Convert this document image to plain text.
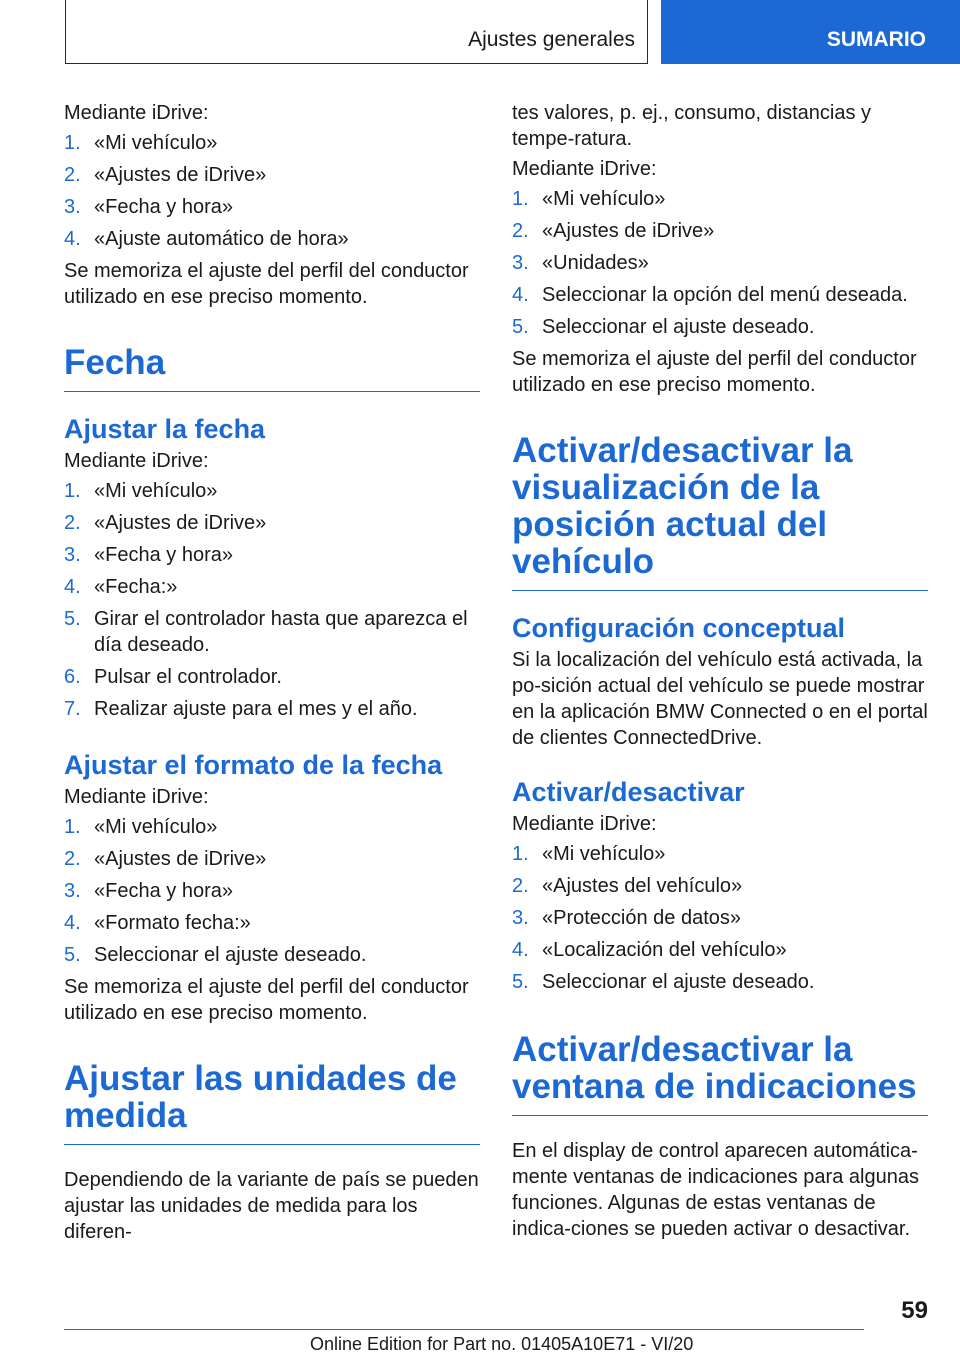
Ajustes generales	SUMARIO

Mediante iDrive:

1. «Mi vehículo»
2. «Ajustes de iDrive»
3. «Fecha y hora»
4. «Ajuste automático de hora»

Se memoriza el ajuste del perfil del conductor utilizado en ese preciso momento.

Fecha
Ajustar la fecha

Mediante iDrive:

1. «Mi vehículo»
2. «Ajustes de iDrive»
3. «Fecha y hora»
4. «Fecha:»
5. Girar el controlador hasta que aparezca el día deseado.
6. Pulsar el controlador.
7. Realizar ajuste para el mes y el año.
Ajustar el formato de la fecha

Mediante iDrive:

1. «Mi vehículo»
2. «Ajustes de iDrive»
3. «Fecha y hora»
4. «Formato fecha:»
5. Seleccionar el ajuste deseado.

Se memoriza el ajuste del perfil del conductor utilizado en ese preciso momento.

Ajustar las unidades de medida

Dependiendo de la variante de país se pueden ajustar las unidades de medida para los diferen-

tes valores, p. ej., consumo, distancias y tempe-ratura.

Mediante iDrive:

1. «Mi vehículo»
2. «Ajustes de iDrive»
3. «Unidades»
4. Seleccionar la opción del menú deseada.
5. Seleccionar el ajuste deseado.

Se memoriza el ajuste del perfil del conductor utilizado en ese preciso momento.

Activar/desactivar la visualización de la posición actual del vehículo
Configuración conceptual

Si la localización del vehículo está activada, la po-sición actual del vehículo se puede mostrar en la aplicación BMW Connected o en el portal de clientes ConnectedDrive.

Activar/desactivar

Mediante iDrive:

1. «Mi vehículo»
2. «Ajustes del vehículo»
3. «Protección de datos»
4. «Localización del vehículo»
5. Seleccionar el ajuste deseado.
Activar/desactivar la ventana de indicaciones

En el display de control aparecen automática-mente ventanas de indicaciones para algunas funciones. Algunas de estas ventanas de indica-ciones se pueden activar o desactivar.

59
Online Edition for Part no. 01405A10E71 - VI/20
